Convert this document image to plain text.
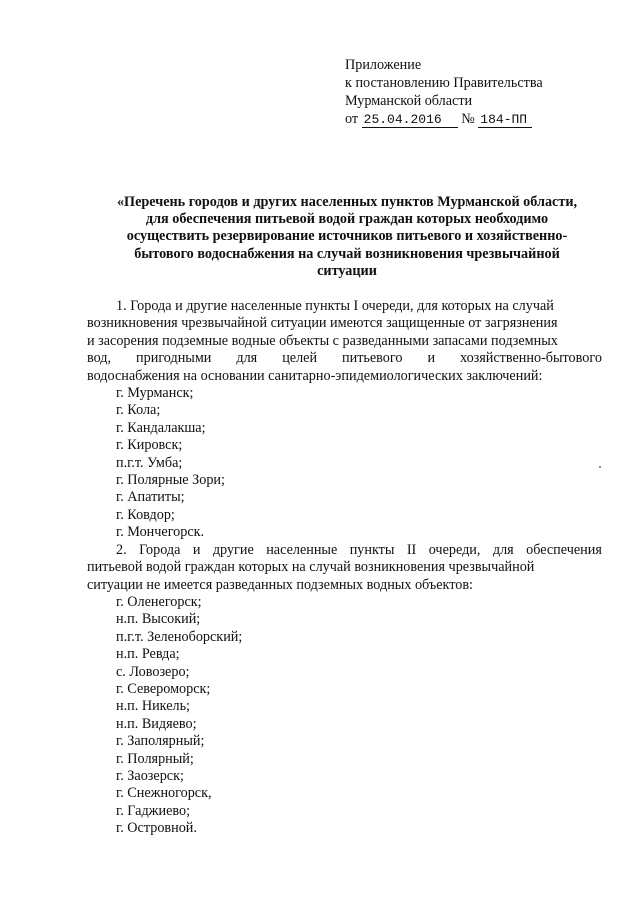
Приложение
к постановлению Правительства
Мурманской области
от 25.04.2016 № 184-ПП
«Перечень городов и других населенных пунктов Мурманской области,
для обеспечения питьевой водой граждан которых необходимо
осуществить резервирование источников питьевого и хозяйственно-
бытового водоснабжения на случай возникновения чрезвычайной
ситуации
1. Города и другие населенные пункты I очереди, для которых на случай
возникновения чрезвычайной ситуации имеются защищенные от загрязнения
и засорения подземные водные объекты с разведанными запасами подземных
вод, пригодными для целей питьевого и хозяйственно-бытового
водоснабжения на основании санитарно-эпидемиологических заключений:
г. Мурманск;
г. Кола;
г. Кандалакша;
г. Кировск;
п.г.т. Умба;
г. Полярные Зори;
г. Апатиты;
г. Ковдор;
г. Мончегорск.
2. Города и другие населенные пункты II очереди, для обеспечения
питьевой водой граждан которых на случай возникновения чрезвычайной
ситуации не имеется разведанных подземных водных объектов:
г. Оленегорск;
н.п. Высокий;
п.г.т. Зеленоборский;
н.п. Ревда;
с. Ловозеро;
г. Североморск;
н.п. Никель;
н.п. Видяево;
г. Заполярный;
г. Полярный;
г. Заозерск;
г. Снежногорск,
г. Гаджиево;
г. Островной.
